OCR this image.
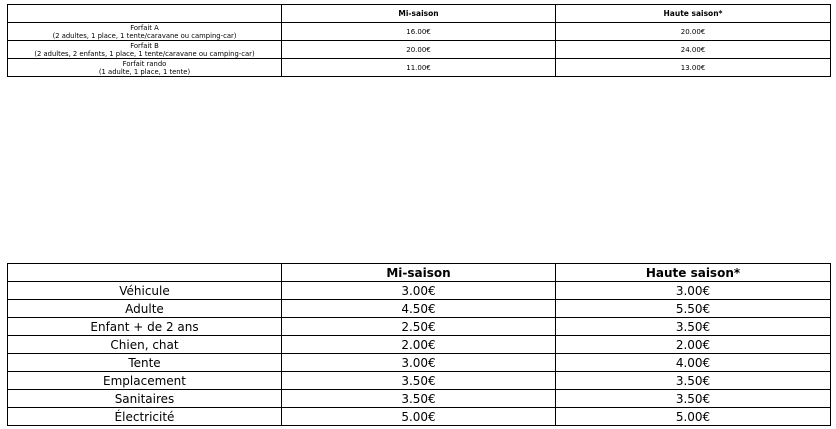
	Mi-saison	Haute saison*

Forfait A
(2 adultes, 1 place, 1 tente/caravane ou camping-car)	16.00€	20.00€

Forfait B
(2 adultes, 2 enfants, 1 place, 1 tente/caravane ou camping-car)	20.00€	24.00€

Forfait rando
(1 adulte, 1 place, 1 tente)	11.00€	13.00€
	Mi-saison	Haute saison*
Véhicule	3.00€	3.00€
Adulte	4.50€	5.50€
Enfant + de 2 ans	2.50€	3.50€
Chien, chat	2.00€	2.00€
Tente	3.00€	4.00€
Emplacement	3.50€	3.50€
Sanitaires	3.50€	3.50€
Électricité	5.00€	5.00€
